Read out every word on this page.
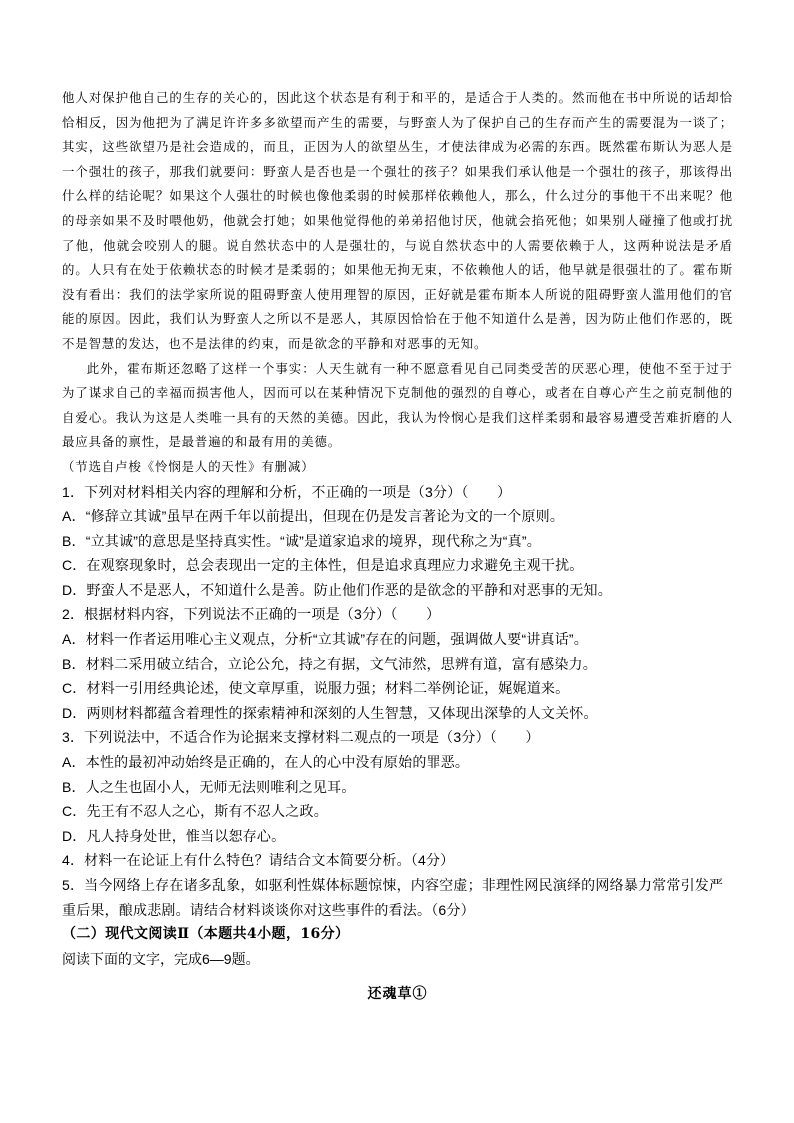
他人对保护他自己的生存的关心的，因此这个状态是有利于和平的，是适合于人类的。然而他在书中所说的话却恰恰相反，因为他把为了满足许许多多欲望而产生的需要，与野蛮人为了保护自己的生存而产生的需要混为一谈了；其实，这些欲望乃是社会造成的，而且，正因为人的欲望丛生，才使法律成为必需的东西。既然霍布斯认为恶人是一个强壮的孩子，那我们就要问：野蛮人是否也是一个强壮的孩子？如果我们承认他是一个强壮的孩子，那该得出什么样的结论呢？如果这个人强壮的时候也像他柔弱的时候那样依赖他人，那么，什么过分的事他干不出来呢？他的母亲如果不及时喂他奶，他就会打她；如果他觉得他的弟弟招他讨厌，他就会掐死他；如果别人碰撞了他或打扰了他，他就会咬别人的腿。说自然状态中的人是强壮的，与说自然状态中的人需要依赖于人，这两种说法是矛盾的。人只有在处于依赖状态的时候才是柔弱的；如果他无拘无束，不依赖他人的话，他早就是很强壮的了。霍布斯没有看出：我们的法学家所说的阻碍野蛮人使用理智的原因，正好就是霍布斯本人所说的阻碍野蛮人滥用他们的官能的原因。因此，我们认为野蛮人之所以不是恶人，其原因恰恰在于他不知道什么是善，因为防止他们作恶的，既不是智慧的发达，也不是法律的约束，而是欲念的平静和对恶事的无知。

此外，霍布斯还忽略了这样一个事实：人天生就有一种不愿意看见自己同类受苦的厌恶心理，使他不至于过于为了谋求自己的幸福而损害他人，因而可以在某种情况下克制他的强烈的自尊心，或者在自尊心产生之前克制他的自爱心。我认为这是人类唯一具有的天然的美德。因此，我认为怜悯心是我们这样柔弱和最容易遭受苦难折磨的人最应具备的禀性，是最普遍的和最有用的美德。

（节选自卢梭《怜悯是人的天性》有删减）

1．下列对材料相关内容的理解和分析，不正确的一项是（3分）（　　）

A．“修辞立其诚”虽早在两千年以前提出，但现在仍是发言著论为文的一个原则。

B．“立其诚”的意思是坚持真实性。“诚”是道家追求的境界，现代称之为“真”。

C．在观察现象时，总会表现出一定的主体性，但是追求真理应力求避免主观干扰。

D．野蛮人不是恶人，不知道什么是善。防止他们作恶的是欲念的平静和对恶事的无知。

2．根据材料内容，下列说法不正确的一项是（3分）（　　）

A．材料一作者运用唯心主义观点，分析“立其诚”存在的问题，强调做人要“讲真话”。

B．材料二采用破立结合，立论公允，持之有据，文气沛然，思辨有道，富有感染力。

C．材料一引用经典论述，使文章厚重，说服力强；材料二举例论证，娓娓道来。

D．两则材料都蕴含着理性的探索精神和深刻的人生智慧，又体现出深挚的人文关怀。

3．下列说法中，不适合作为论据来支撑材料二观点的一项是（3分）（　　）

A．本性的最初冲动始终是正确的，在人的心中没有原始的罪恶。

B．人之生也固小人，无师无法则唯利之见耳。

C．先王有不忍人之心，斯有不忍人之政。

D．凡人持身处世，惟当以恕存心。

4．材料一在论证上有什么特色？请结合文本简要分析。（4分）

5．当今网络上存在诸多乱象，如驱利性媒体标题惊悚，内容空虚；非理性网民演绎的网络暴力常常引发严重后果，酿成悲剧。请结合材料谈谈你对这些事件的看法。（6分）

（二）现代文阅读Ⅱ（本题共4小题，16分）

阅读下面的文字，完成6—9题。

还魂草①
